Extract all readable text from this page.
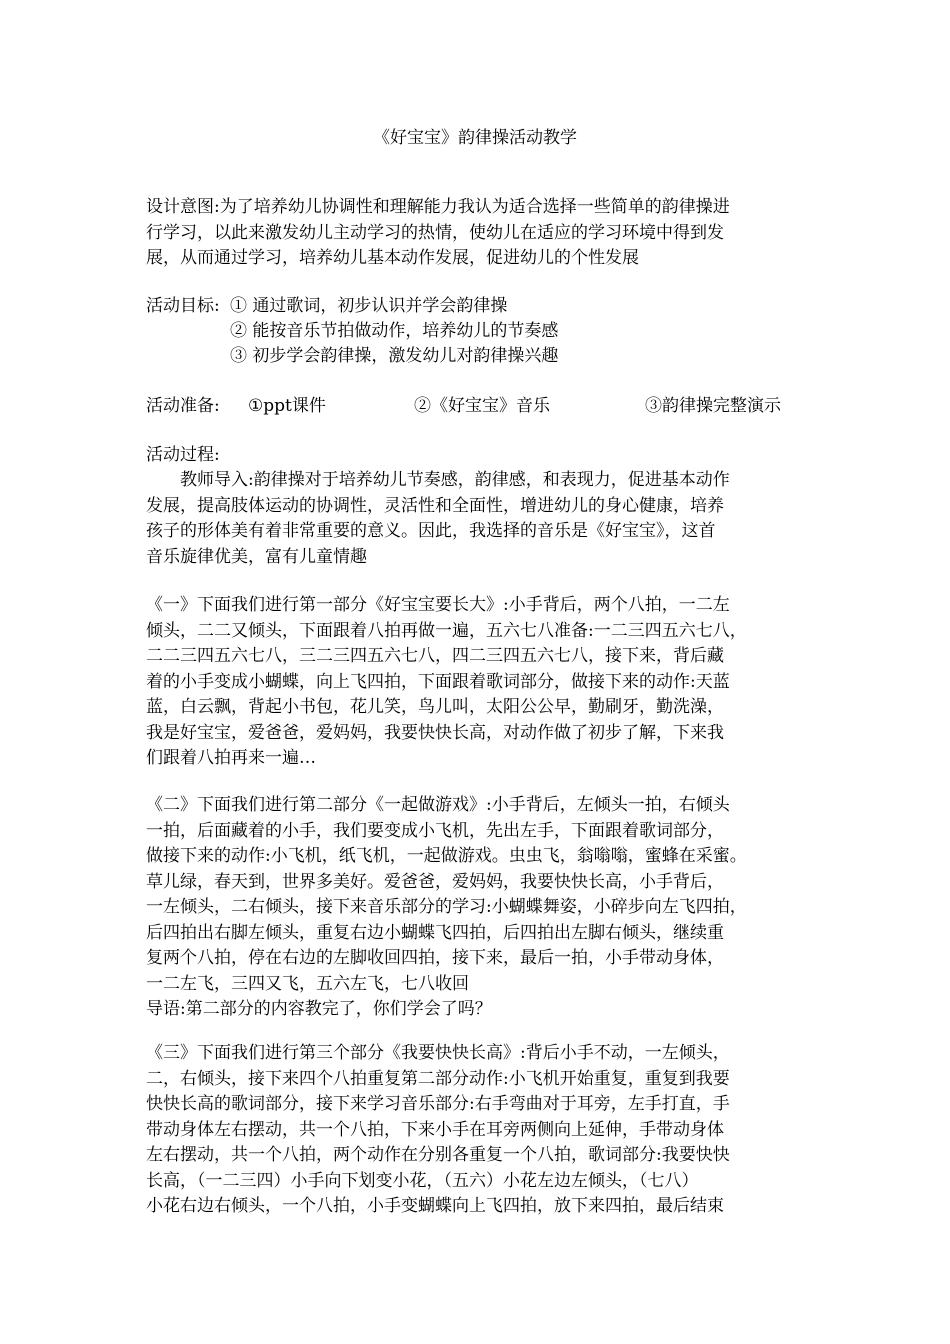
《好宝宝》韵律操活动教学
设计意图:为了培养幼儿协调性和理解能力我认为适合选择一些简单的韵律操进
行学习，以此来激发幼儿主动学习的热情，使幼儿在适应的学习环境中得到发
展，从而通过学习，培养幼儿基本动作发展，促进幼儿的个性发展
活动目标: ① 通过歌词，初步认识并学会韵律操
② 能按音乐节拍做动作，培养幼儿的节奏感
③ 初步学会韵律操，激发幼儿对韵律操兴趣
活动准备: ①ppt课件	②《好宝宝》音乐	③韵律操完整演示
活动过程:
教师导入:韵律操对于培养幼儿节奏感，韵律感，和表现力，促进基本动作
发展，提高肢体运动的协调性，灵活性和全面性，增进幼儿的身心健康，培养
孩子的形体美有着非常重要的意义。因此，我选择的音乐是《好宝宝》，这首
音乐旋律优美，富有儿童情趣
《一》下面我们进行第一部分《好宝宝要长大》:小手背后，两个八拍，一二左
倾头，二二又倾头，下面跟着八拍再做一遍，五六七八准备:一二三四五六七八，
二二三四五六七八，三二三四五六七八，四二三四五六七八，接下来，背后藏
着的小手变成小蝴蝶，向上飞四拍，下面跟着歌词部分，做接下来的动作:天蓝
蓝，白云飘，背起小书包，花儿笑，鸟儿叫，太阳公公早，勤刷牙，勤洗澡，
我是好宝宝，爱爸爸，爱妈妈，我要快快长高，对动作做了初步了解，下来我
们跟着八拍再来一遍…
《二》下面我们进行第二部分《一起做游戏》:小手背后，左倾头一拍，右倾头
一拍，后面藏着的小手，我们要变成小飞机，先出左手，下面跟着歌词部分，
做接下来的动作:小飞机，纸飞机，一起做游戏。虫虫飞，翁嗡嗡，蜜蜂在采蜜。
草儿绿，春天到，世界多美好。爱爸爸，爱妈妈，我要快快长高，小手背后，
一左倾头，二右倾头，接下来音乐部分的学习:小蝴蝶舞姿，小碎步向左飞四拍，
后四拍出右脚左倾头，重复右边小蝴蝶飞四拍，后四拍出左脚右倾头，继续重
复两个八拍，停在右边的左脚收回四拍，接下来，最后一拍，小手带动身体，
一二左飞，三四又飞，五六左飞，七八收回
导语:第二部分的内容教完了，你们学会了吗？
《三》下面我们进行第三个部分《我要快快长高》:背后小手不动，一左倾头，
二，右倾头，接下来四个八拍重复第二部分动作:小飞机开始重复，重复到我要
快快长高的歌词部分，接下来学习音乐部分:右手弯曲对于耳旁，左手打直，手
带动身体左右摆动，共一个八拍，下来小手在耳旁两侧向上延伸，手带动身体
左右摆动，共一个八拍，两个动作在分别各重复一个八拍，歌词部分:我要快快
长高，（一二三四）小手向下划变小花，（五六）小花左边左倾头，（七八）
小花右边右倾头，一个八拍，小手变蝴蝶向上飞四拍，放下来四拍，最后结束
